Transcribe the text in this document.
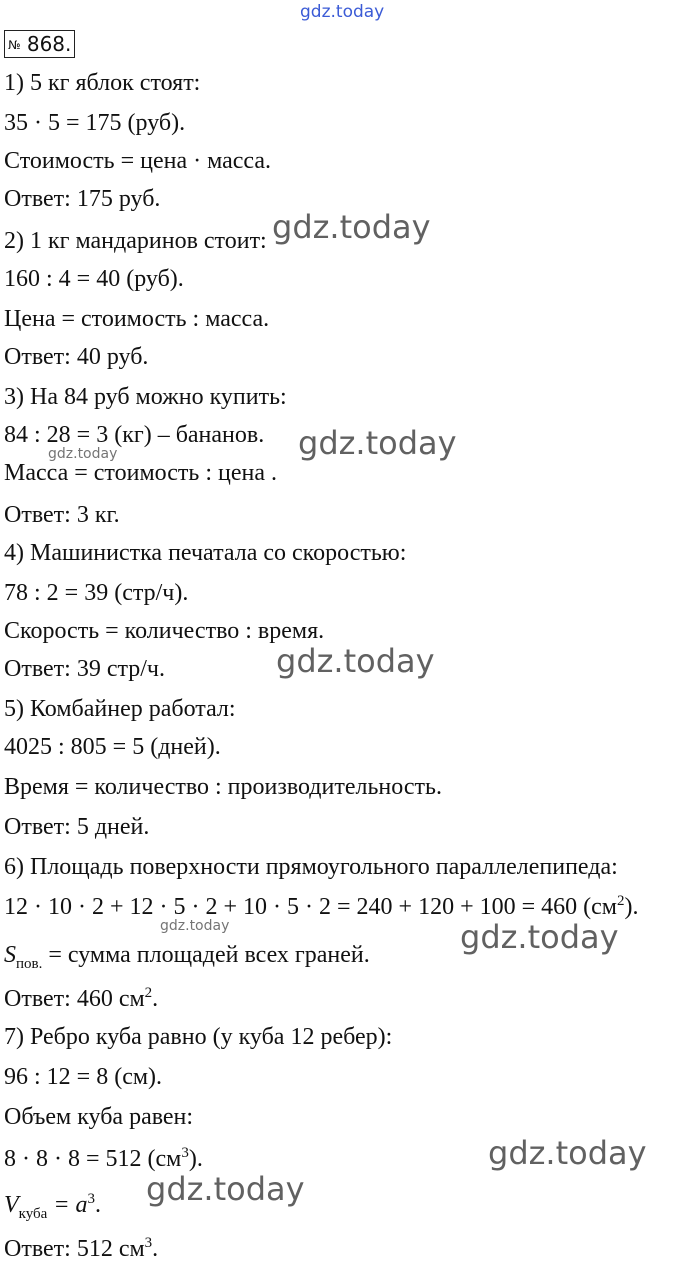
gdz.today
№ 868.
1) 5 кг яблок стоят:
35 · 5 = 175 (руб).
Стоимость = цена · масса.
Ответ: 175 руб.
2) 1 кг мандаринов стоит:
160 : 4 = 40 (руб).
Цена = стоимость : масса.
Ответ: 40 руб.
3) На 84 руб можно купить:
84 : 28 = 3 (кг) – бананов.
Масса = стоимость : цена .
Ответ: 3 кг.
4) Машинистка печатала со скоростью:
78 : 2 = 39 (стр/ч).
Скорость = количество : время.
Ответ: 39 стр/ч.
5) Комбайнер работал:
4025 : 805 = 5 (дней).
Время = количество : производительность.
Ответ: 5 дней.
6) Площадь поверхности прямоугольного параллелепипеда:
12 · 10 · 2 + 12 · 5 · 2 + 10 · 5 · 2 = 240 + 120 + 100 = 460 $(см^2)$.
$S_{пов.}$ = сумма площадей всех граней.
Ответ: 460 $см^2$.
7) Ребро куба равно (у куба 12 ребер):
96 : 12 = 8 (см).
Объем куба равен:
8 · 8 · 8 = 512 $(см^3)$.
$V_{куба} = a^3$.
Ответ: 512 $см^3$.
gdz.today
gdz.today
gdz.today
gdz.today
gdz.today	gdz.today
gdz.today
gdz.today
